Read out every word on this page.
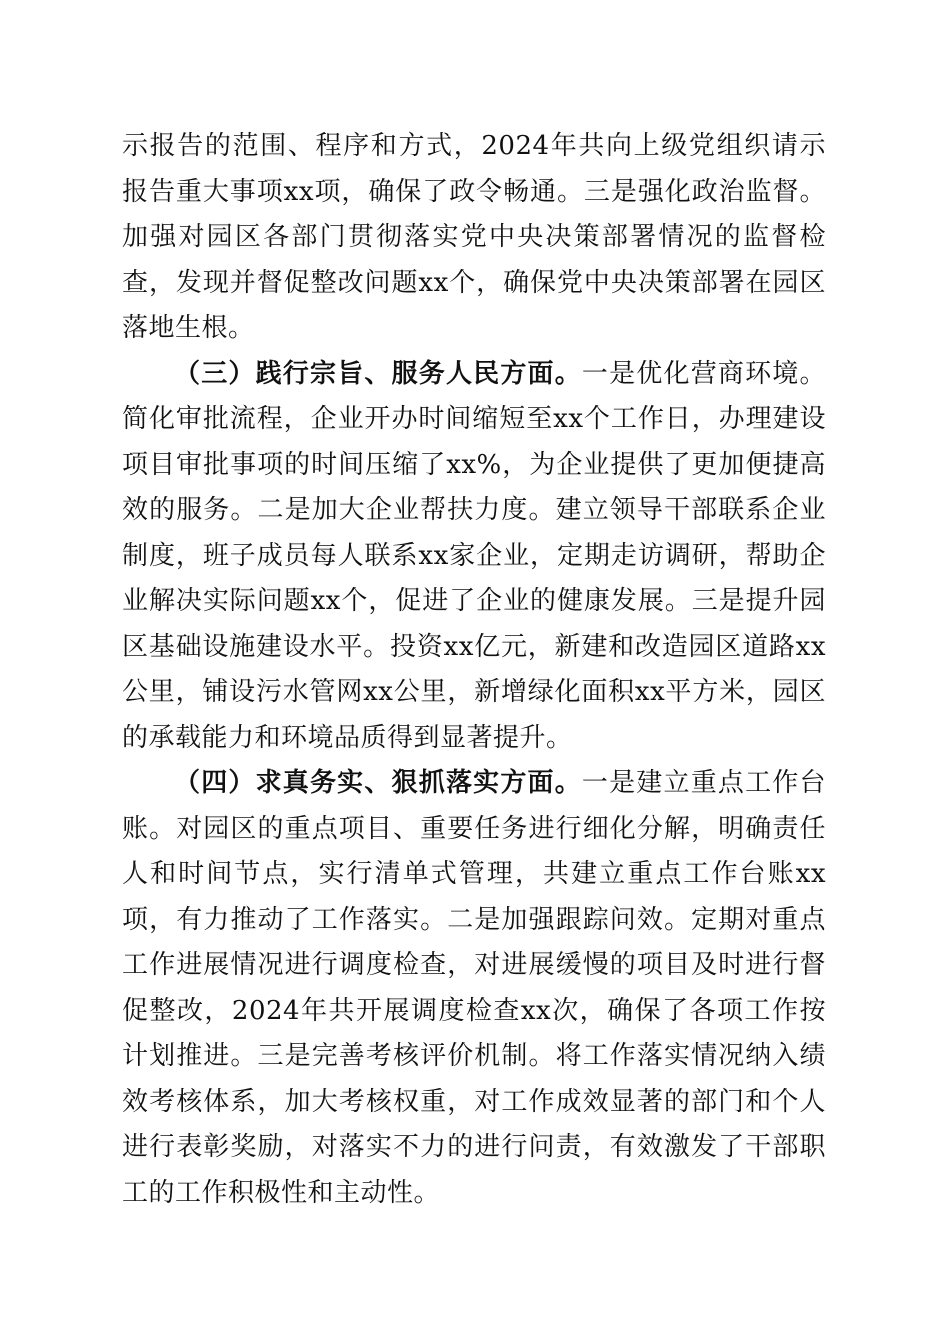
示报告的范围、程序和方式，2024年共向上级党组织请示报告重大事项xx项，确保了政令畅通。三是强化政治监督。加强对园区各部门贯彻落实党中央决策部署情况的监督检查，发现并督促整改问题xx个，确保党中央决策部署在园区落地生根。

（三）践行宗旨、服务人民方面。一是优化营商环境。简化审批流程，企业开办时间缩短至xx个工作日，办理建设项目审批事项的时间压缩了xx%，为企业提供了更加便捷高效的服务。二是加大企业帮扶力度。建立领导干部联系企业制度，班子成员每人联系xx家企业，定期走访调研，帮助企业解决实际问题xx个，促进了企业的健康发展。三是提升园区基础设施建设水平。投资xx亿元，新建和改造园区道路xx公里，铺设污水管网xx公里，新增绿化面积xx平方米，园区的承载能力和环境品质得到显著提升。

（四）求真务实、狠抓落实方面。一是建立重点工作台账。对园区的重点项目、重要任务进行细化分解，明确责任人和时间节点，实行清单式管理，共建立重点工作台账xx项，有力推动了工作落实。二是加强跟踪问效。定期对重点工作进展情况进行调度检查，对进展缓慢的项目及时进行督促整改，2024年共开展调度检查xx次，确保了各项工作按计划推进。三是完善考核评价机制。将工作落实情况纳入绩效考核体系，加大考核权重，对工作成效显著的部门和个人进行表彰奖励，对落实不力的进行问责，有效激发了干部职工的工作积极性和主动性。
